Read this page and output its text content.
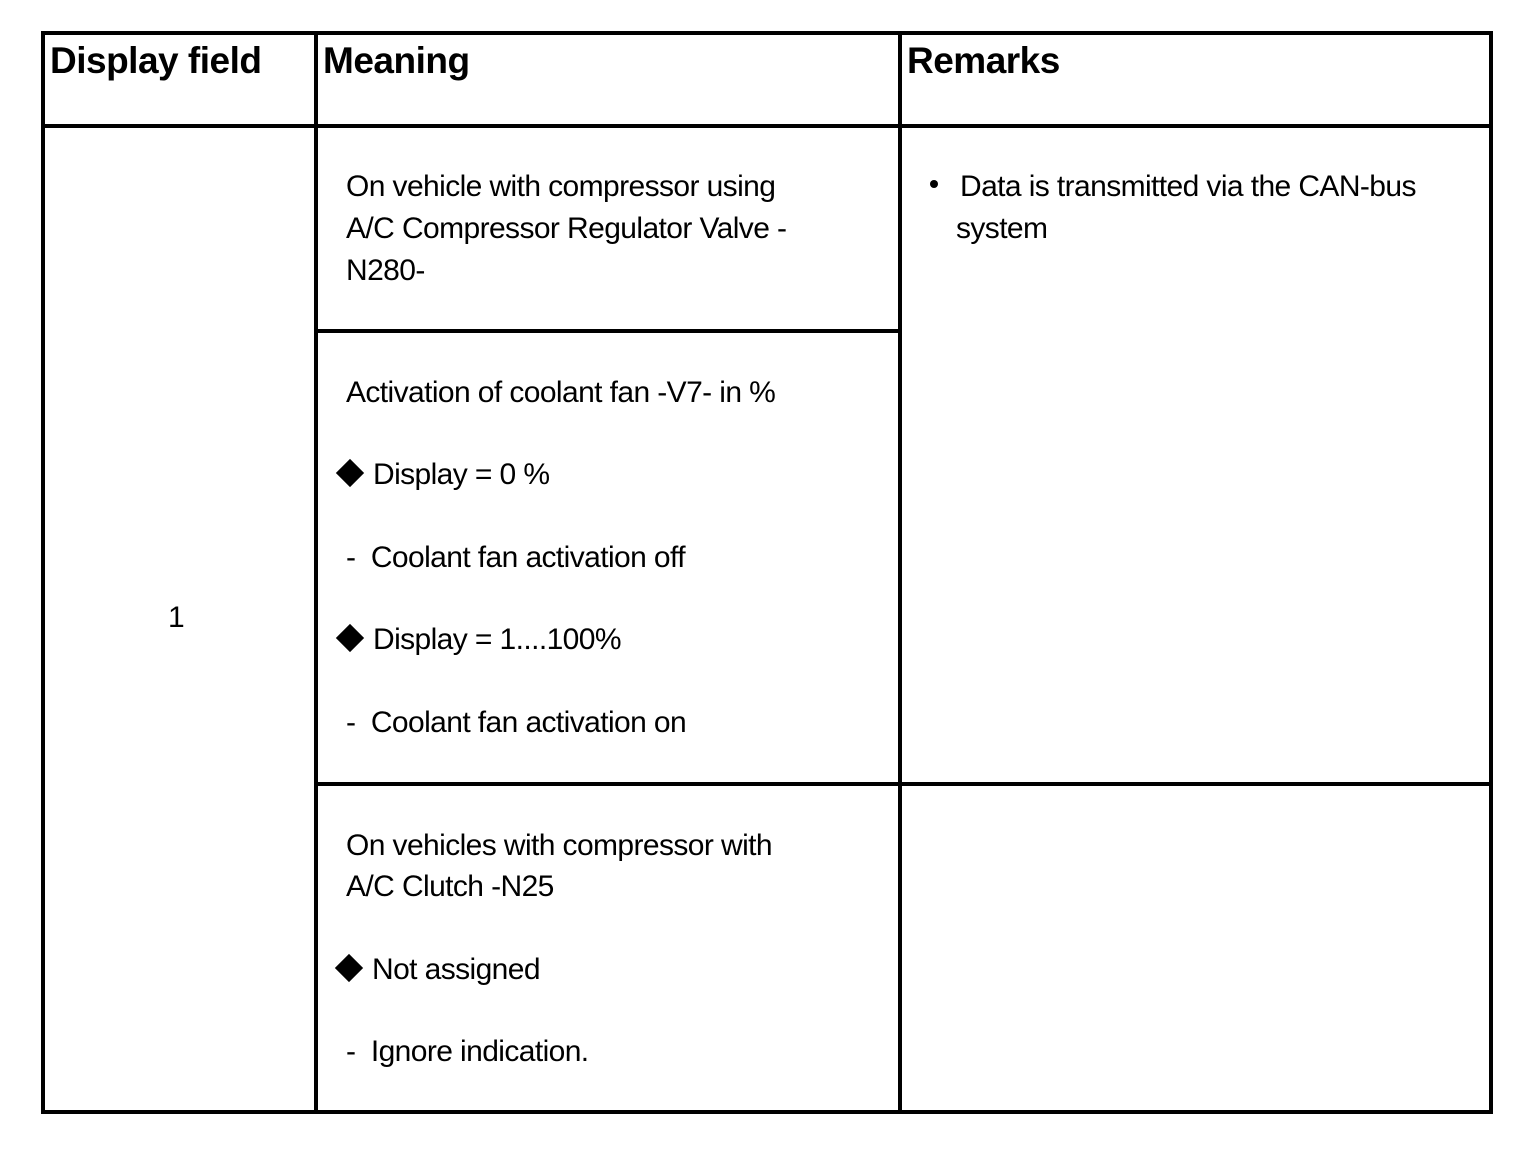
Display field Meaning	Remarks
1
On vehicle with compressor using
A/C Compressor Regulator Valve -
N280-
Activation of coolant fan -V7- in %
Display = 0 %
-  Coolant fan activation off
Display = 1....100%
-  Coolant fan activation on
On vehicles with compressor with
A/C Clutch -N25
Not assigned
-  Ignore indication.
Data is transmitted via the CAN-bus
system
